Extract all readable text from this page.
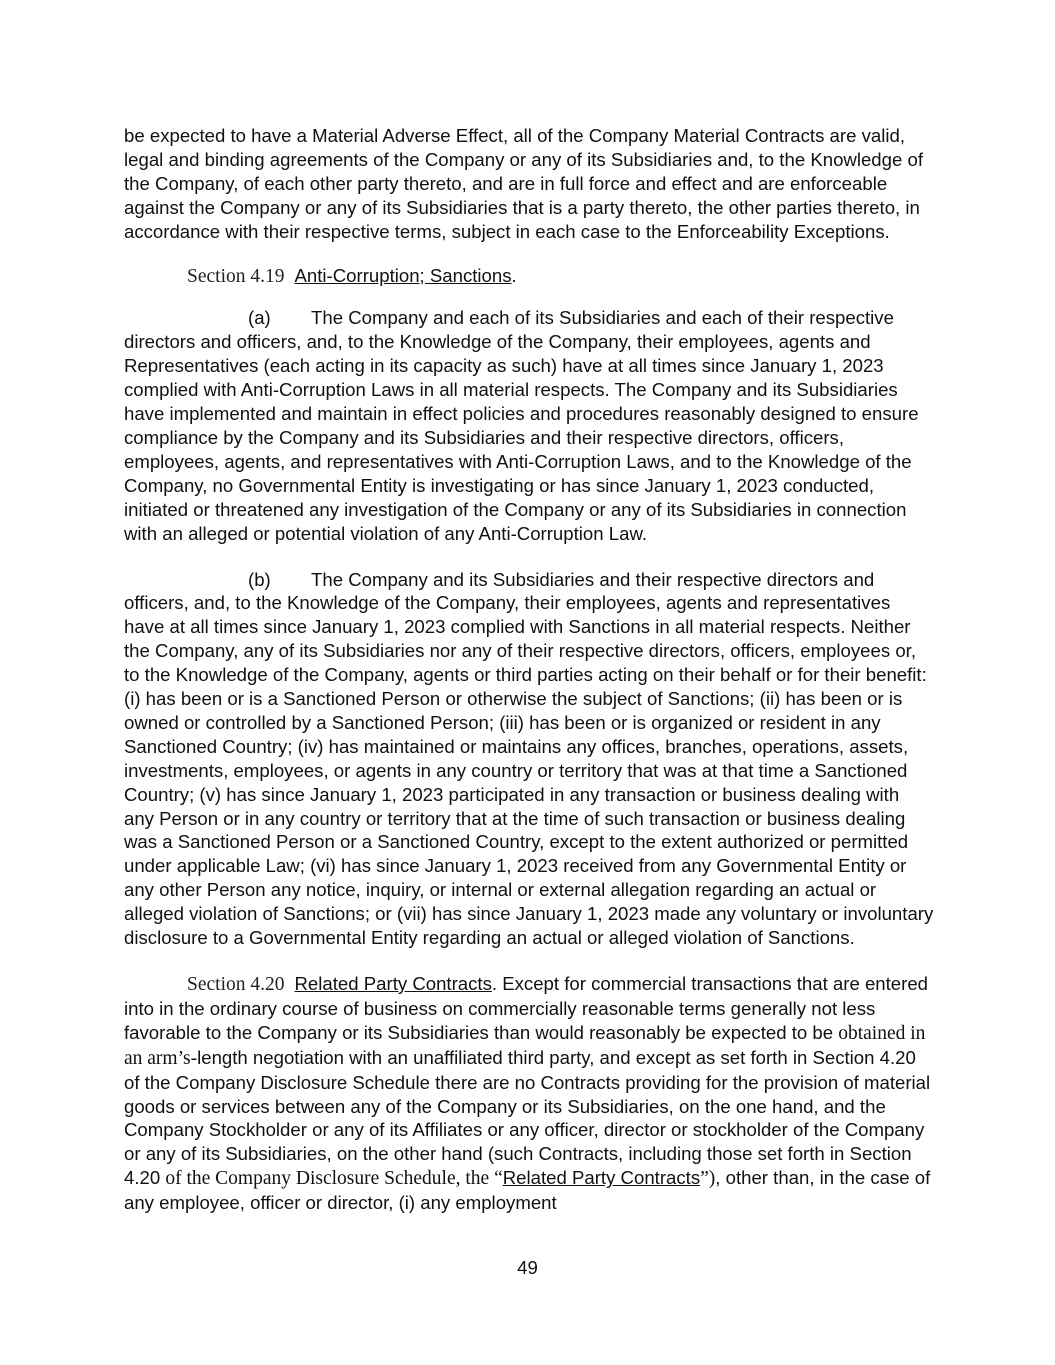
be expected to have a Material Adverse Effect, all of the Company Material Contracts are valid, legal and binding agreements of the Company or any of its Subsidiaries and, to the Knowledge of the Company, of each other party thereto, and are in full force and effect and are enforceable against the Company or any of its Subsidiaries that is a party thereto, the other parties thereto, in accordance with their respective terms, subject in each case to the Enforceability Exceptions.

Section 4.19 Anti-Corruption; Sanctions.

(a) The Company and each of its Subsidiaries and each of their respective directors and officers, and, to the Knowledge of the Company, their employees, agents and Representatives (each acting in its capacity as such) have at all times since January 1, 2023 complied with Anti-Corruption Laws in all material respects. The Company and its Subsidiaries have implemented and maintain in effect policies and procedures reasonably designed to ensure compliance by the Company and its Subsidiaries and their respective directors, officers, employees, agents, and representatives with Anti-Corruption Laws, and to the Knowledge of the Company, no Governmental Entity is investigating or has since January 1, 2023 conducted, initiated or threatened any investigation of the Company or any of its Subsidiaries in connection with an alleged or potential violation of any Anti-Corruption Law.

(b) The Company and its Subsidiaries and their respective directors and officers, and, to the Knowledge of the Company, their employees, agents and representatives have at all times since January 1, 2023 complied with Sanctions in all material respects. Neither the Company, any of its Subsidiaries nor any of their respective directors, officers, employees or, to the Knowledge of the Company, agents or third parties acting on their behalf or for their benefit: (i) has been or is a Sanctioned Person or otherwise the subject of Sanctions; (ii) has been or is owned or controlled by a Sanctioned Person; (iii) has been or is organized or resident in any Sanctioned Country; (iv) has maintained or maintains any offices, branches, operations, assets, investments, employees, or agents in any country or territory that was at that time a Sanctioned Country; (v) has since January 1, 2023 participated in any transaction or business dealing with any Person or in any country or territory that at the time of such transaction or business dealing was a Sanctioned Person or a Sanctioned Country, except to the extent authorized or permitted under applicable Law; (vi) has since January 1, 2023 received from any Governmental Entity or any other Person any notice, inquiry, or internal or external allegation regarding an actual or alleged violation of Sanctions; or (vii) has since January 1, 2023 made any voluntary or involuntary disclosure to a Governmental Entity regarding an actual or alleged violation of Sanctions.

Section 4.20 Related Party Contracts. Except for commercial transactions that are entered into in the ordinary course of business on commercially reasonable terms generally not less favorable to the Company or its Subsidiaries than would reasonably be expected to be obtained in an arm’s-length negotiation with an unaffiliated third party, and except as set forth in Section 4.20 of the Company Disclosure Schedule there are no Contracts providing for the provision of material goods or services between any of the Company or its Subsidiaries, on the one hand, and the Company Stockholder or any of its Affiliates or any officer, director or stockholder of the Company or any of its Subsidiaries, on the other hand (such Contracts, including those set forth in Section 4.20 of the Company Disclosure Schedule, the “Related Party Contracts”), other than, in the case of any employee, officer or director, (i) any employment

49
